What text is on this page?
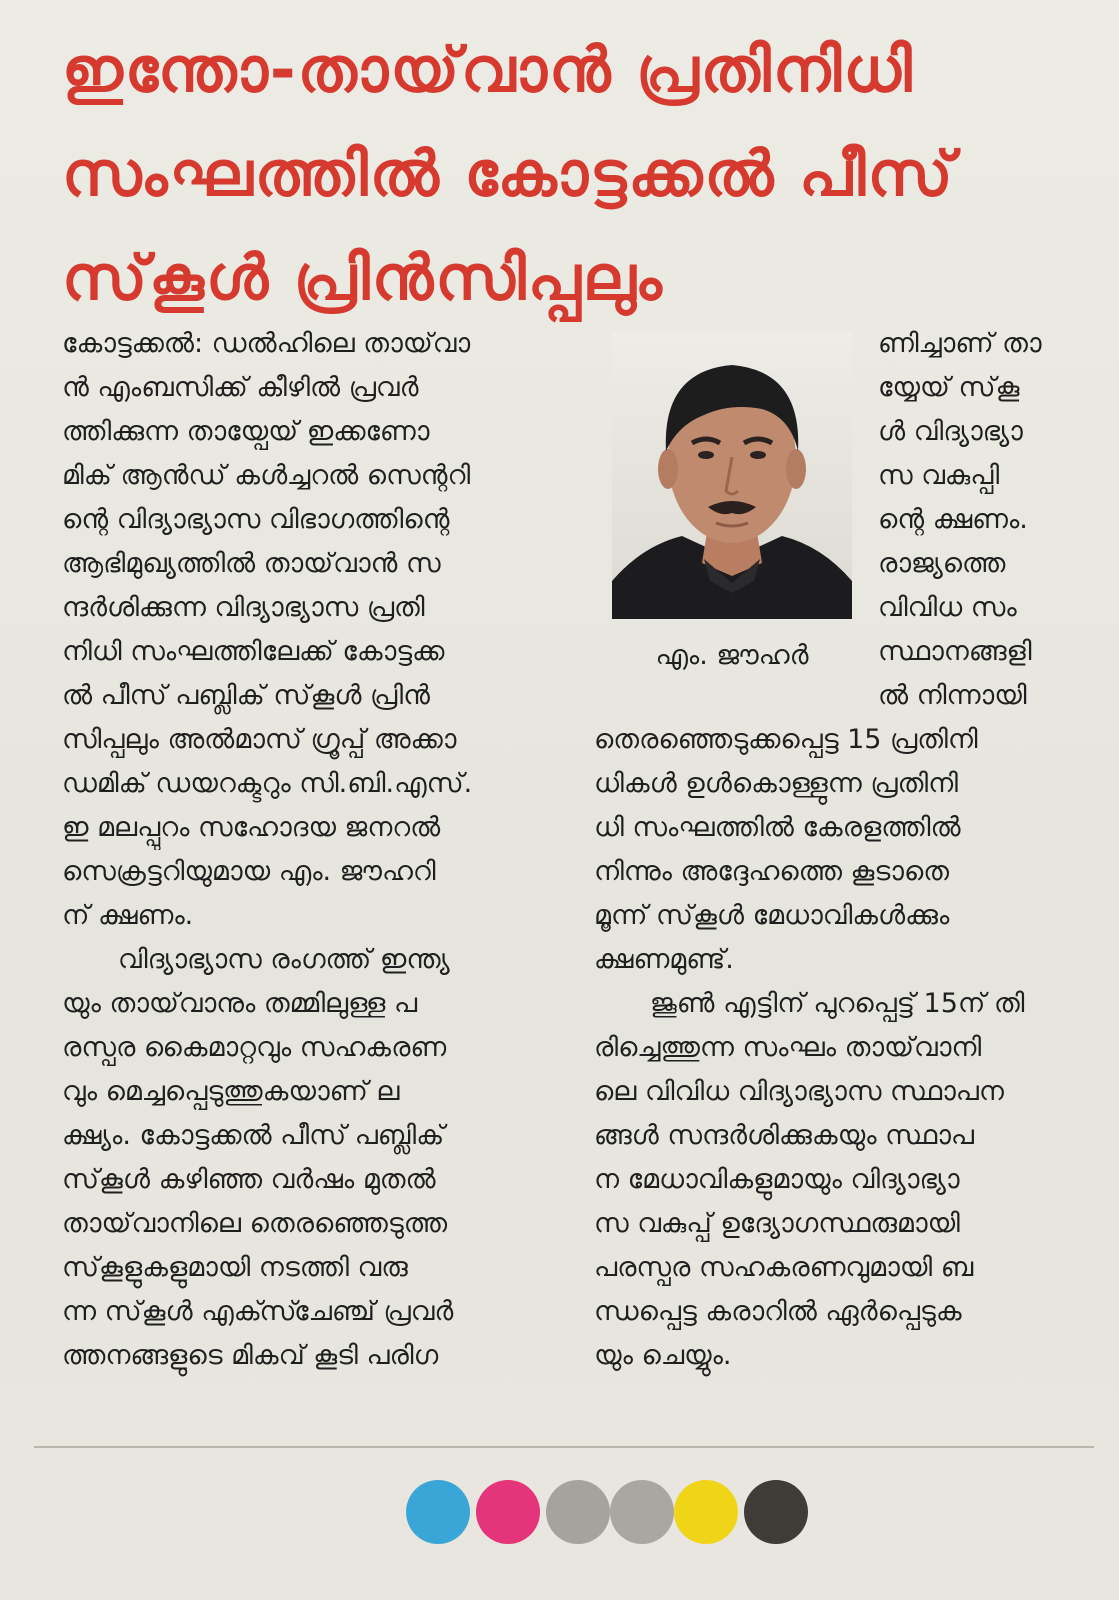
ഇന്തോ-തായ്‌വാൻ പ്രതിനിധി
സംഘത്തിൽ കോട്ടക്കൽ പീസ്
സ്‌കൂൾ പ്രിൻസിപ്പലും
കോട്ടക്കൽ: ഡൽഹിലെ തായ്‌വാ
ൻ എംബസിക്ക് കീഴിൽ പ്രവർ
ത്തിക്കുന്ന തായ്പേയ് ഇക്കണോ
മിക് ആൻഡ് കൾച്ചറൽ സെന്ററി
ന്റെ വിദ്യാഭ്യാസ വിഭാഗത്തിന്റെ
ആഭിമുഖ്യത്തിൽ തായ്‌വാൻ സ
ന്ദർശിക്കുന്ന വിദ്യാഭ്യാസ പ്രതി
നിധി സംഘത്തിലേക്ക് കോട്ടക്ക
ൽ പീസ് പബ്ലിക് സ്‌കൂൾ പ്രിൻ
സിപ്പലും അൽമാസ് ഗ്രൂപ്പ് അക്കാ
ഡമിക് ഡയറക്ടറും സി.ബി.എസ്.
ഇ മലപ്പുറം സഹോദയ ജനറൽ
സെക്രട്ടറിയുമായ എം. ജൗഹറി
ന് ക്ഷണം.
വിദ്യാഭ്യാസ രംഗത്ത് ഇന്ത്യ
യും തായ്‌വാനും തമ്മിലുള്ള പ
രസ്പര കൈമാറ്റവും സഹകരണ
വും മെച്ചപ്പെടുത്തുകയാണ് ല
ക്ഷ്യം. കോട്ടക്കൽ പീസ് പബ്ലിക്
സ്‌കൂൾ കഴിഞ്ഞ വർഷം മുതൽ
തായ്‌വാനിലെ തെരഞ്ഞെടുത്ത
സ്‌കൂളുകളുമായി നടത്തി വരു
ന്ന സ്‌കൂൾ എക്സ്ചേഞ്ച് പ്രവർ
ത്തനങ്ങളുടെ മികവ് കൂടി പരിഗ
എം. ജൗഹർ
ണിച്ചാണ് താ
യ്യേയ് സ്‌കൂ
ൾ വിദ്യാഭ്യാ
സ വകുപ്പി
ന്റെ ക്ഷണം.
രാജ്യത്തെ
വിവിധ സം
സ്ഥാനങ്ങളി
ൽ നിന്നായി
തെരഞ്ഞെടുക്കപ്പെട്ട 15 പ്രതിനി
ധികൾ ഉൾകൊള്ളുന്ന പ്രതിനി
ധി സംഘത്തിൽ കേരളത്തിൽ
നിന്നും അദ്ദേഹത്തെ കൂടാതെ
മൂന്ന് സ്‌കൂൾ മേധാവികൾക്കും
ക്ഷണമുണ്ട്.
ജൂൺ എട്ടിന് പുറപ്പെട്ട് 15ന് തി
രിച്ചെത്തുന്ന സംഘം തായ്‌വാനി
ലെ വിവിധ വിദ്യാഭ്യാസ സ്ഥാപന
ങ്ങൾ സന്ദർശിക്കുകയും സ്ഥാപ
ന മേധാവികളുമായും വിദ്യാഭ്യാ
സ വകുപ്പ് ഉദ്യോഗസ്ഥരുമായി
പരസ്പര സഹകരണവുമായി ബ
ന്ധപ്പെട്ട കരാറിൽ ഏർപ്പെടുക
യും ചെയ്യും.
